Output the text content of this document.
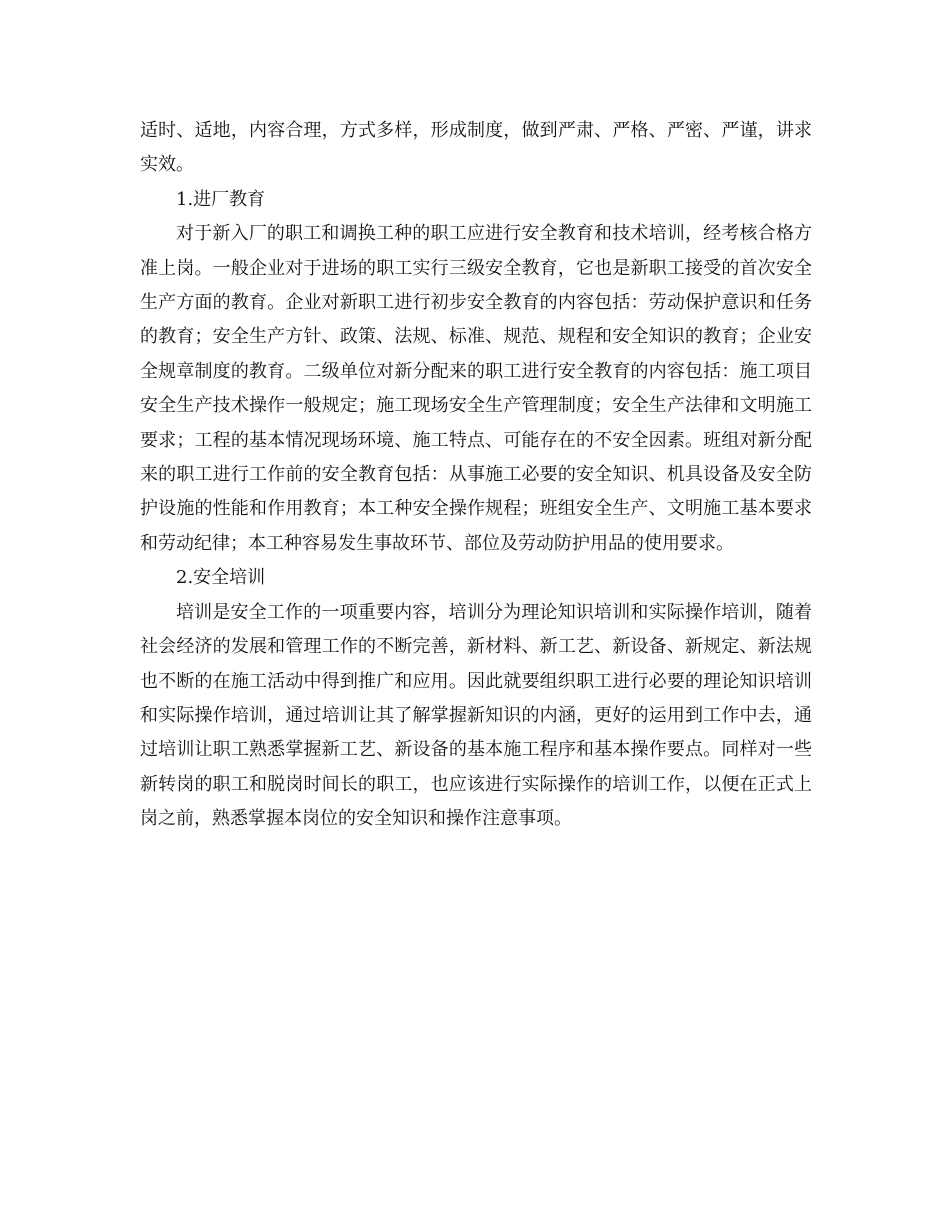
适时、适地，内容合理，方式多样，形成制度，做到严肃、严格、严密、严谨，讲求实效。

1.进厂教育

对于新入厂的职工和调换工种的职工应进行安全教育和技术培训，经考核合格方准上岗。一般企业对于进场的职工实行三级安全教育，它也是新职工接受的首次安全生产方面的教育。企业对新职工进行初步安全教育的内容包括：劳动保护意识和任务的教育；安全生产方针、政策、法规、标准、规范、规程和安全知识的教育；企业安全规章制度的教育。二级单位对新分配来的职工进行安全教育的内容包括：施工项目安全生产技术操作一般规定；施工现场安全生产管理制度；安全生产法律和文明施工要求；工程的基本情况现场环境、施工特点、可能存在的不安全因素。班组对新分配来的职工进行工作前的安全教育包括：从事施工必要的安全知识、机具设备及安全防护设施的性能和作用教育；本工种安全操作规程；班组安全生产、文明施工基本要求和劳动纪律；本工种容易发生事故环节、部位及劳动防护用品的使用要求。

2.安全培训

培训是安全工作的一项重要内容，培训分为理论知识培训和实际操作培训，随着社会经济的发展和管理工作的不断完善，新材料、新工艺、新设备、新规定、新法规也不断的在施工活动中得到推广和应用。因此就要组织职工进行必要的理论知识培训和实际操作培训，通过培训让其了解掌握新知识的内涵，更好的运用到工作中去，通过培训让职工熟悉掌握新工艺、新设备的基本施工程序和基本操作要点。同样对一些新转岗的职工和脱岗时间长的职工，也应该进行实际操作的培训工作，以便在正式上岗之前，熟悉掌握本岗位的安全知识和操作注意事项。
